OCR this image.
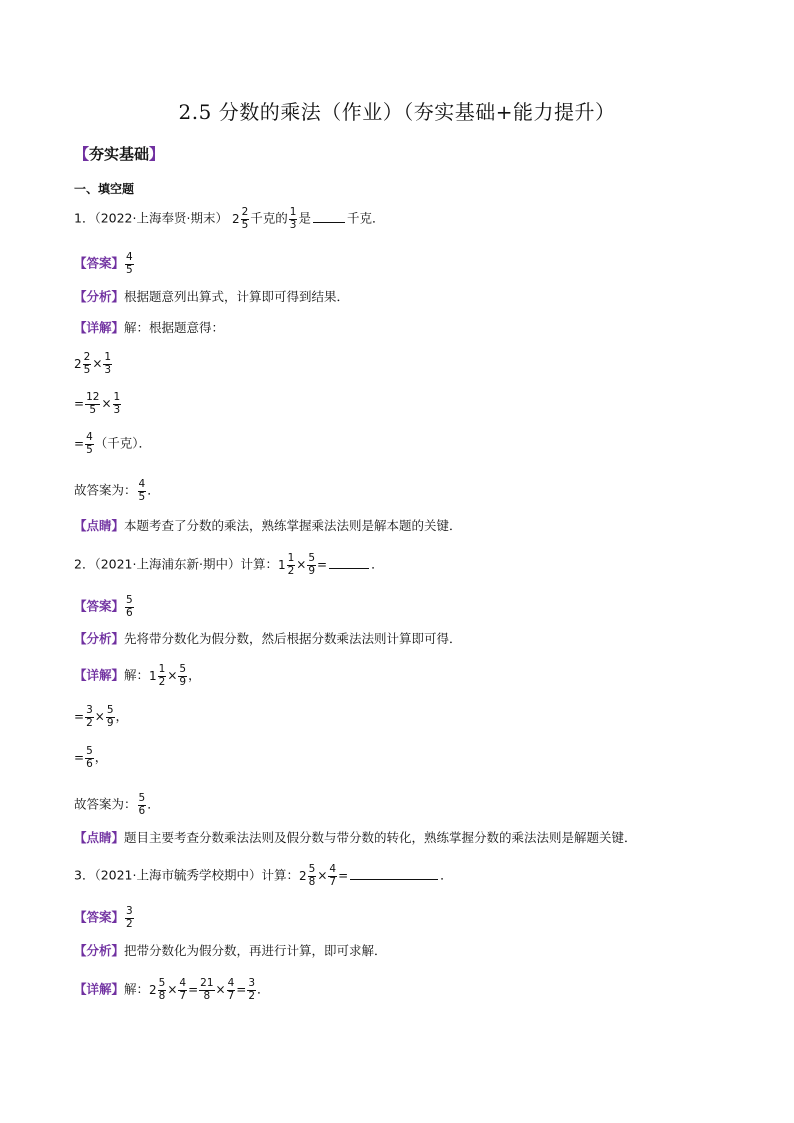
2.5 分数的乘法（作业）（夯实基础+能力提升）
【夯实基础】
一、填空题
1．（2022·上海奉贤·期末） $2 \frac{2}{5}$ 千克的 $\frac{1}{3}$ 是	千克．
【答案】 $\frac{4}{5}$
【分析】根据题意列出算式，计算即可得到结果．
【详解】解：根据题意得：
$2 \frac{2}{5} \times \frac{1}{3}$
= $\frac{12}{5} \times \frac{1}{3}$
= $\frac{4}{5}$ （千克）．
故答案为： $\frac{4}{5}$ ．
【点睛】本题考查了分数的乘法，熟练掌握乘法法则是解本题的关键．
2．（2021·上海浦东新·期中）计算：$1 \frac{1}{2} \times \frac{5}{9}$ =	．
【答案】 $\frac{5}{6}$
【分析】先将带分数化为假分数，然后根据分数乘法法则计算即可得．
【详解】解：$1 \frac{1}{2} \times \frac{5}{9}$ ，
= $\frac{3}{2} \times \frac{5}{9}$ ，
= $\frac{5}{6}$ ，
故答案为： $\frac{5}{6}$ ．
【点睛】题目主要考查分数乘法法则及假分数与带分数的转化，熟练掌握分数的乘法法则是解题关键．
3．（2021·上海市毓秀学校期中）计算：$2 \frac{5}{8} \times \frac{4}{7}$ =	．
【答案】 $\frac{3}{2}$
【分析】把带分数化为假分数，再进行计算，即可求解．
【详解】解：$2 \frac{5}{8} \times \frac{4}{7} = \frac{21}{8} \times \frac{4}{7} = \frac{3}{2}$ ．
